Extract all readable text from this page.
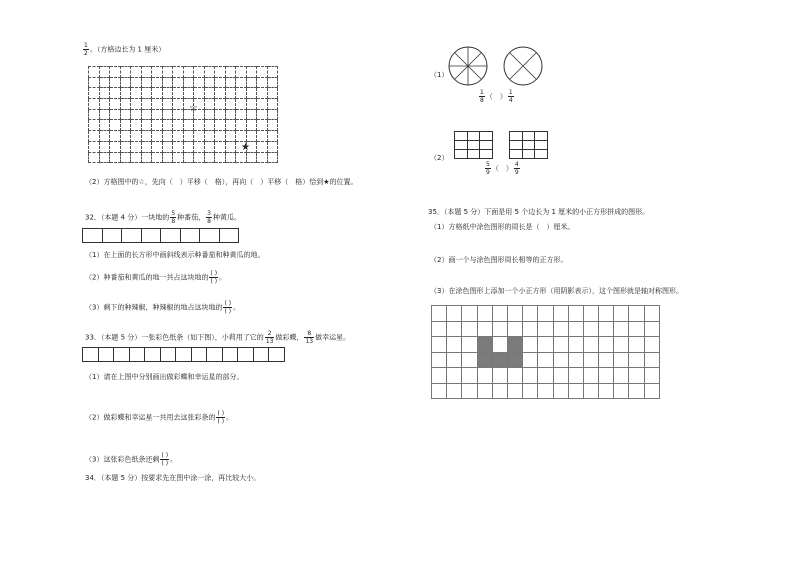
$\frac{1}{2}$ 。（方格边长为 1 厘米）

☆
★
（2）方格图中的☆，先向（　）平移（　格），再向（　）平移（　格）恰到★的位置。
32．（本题 4 分）一块地的 $\frac{5}{8}$ 种番茄， $\frac{3}{8}$ 种黄瓜。

（1）在上面的长方形中画斜线表示种番茄和种黄瓜的地。
（2）种番茄和黄瓜的地一共占这块地的 $\frac{( )}{( )}$ 。
（3）剩下的种辣椒，种辣椒的地占这块地的 $\frac{( )}{( )}$ 。
33．（本题 5 分）一张彩色纸条（如下图），小莉用了它的 $\frac{2}{13}$ 做彩蝶， $\frac{8}{13}$ 做幸运星。

（1）请在上图中分别画出做彩蝶和幸运星的部分。
（2）做彩蝶和幸运星一共用去这张彩条的 $\frac{( )}{( )}$ 。
（3）这张彩色纸条还剩 $\frac{( )}{( )}$ 。
34．（本题 5 分）按要求先在图中涂一涂，再比较大小。
（1）
$\frac{1}{8}$ （　） $\frac{1}{4}$
（2）

$\frac{5}{9}$ （　） $\frac{4}{9}$
35．（本题 5 分）下面是用 5 个边长为 1 厘米的小正方形拼成的图形。
（1）方格纸中涂色图形的周长是（　）厘米。
（2）画一个与涂色图形周长相等的正方形。
（3）在涂色图形上添加一个小正方形（用阴影表示），这个图形就是轴对称图形。
